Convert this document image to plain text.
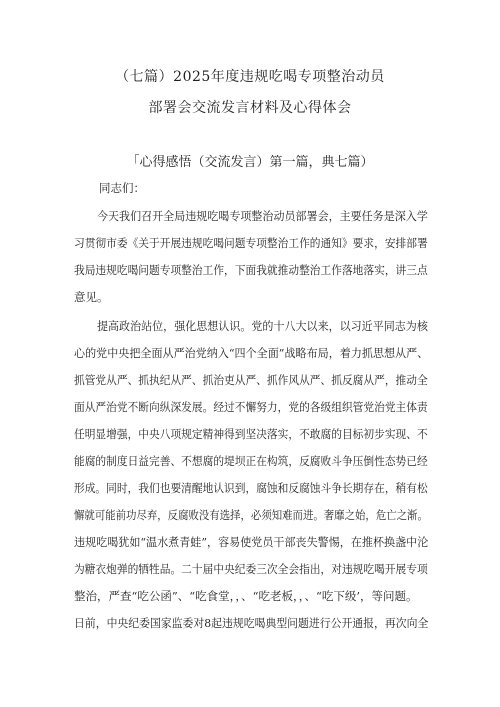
（七篇）2025年度违规吃喝专项整治动员
部署会交流发言材料及心得体会
「心得感悟（交流发言）第一篇，典七篇）
同志们：
今天我们召开全局违规吃喝专项整治动员部署会，主要任务是深入学
习贯彻市委《关于开展违规吃喝问题专项整治工作的通知》要求，安排部署
我局违规吃喝问题专项整治工作，下面我就推动整治工作落地落实，讲三点
意见。
提高政治站位，强化思想认识。党的十八大以来，以习近平同志为核
心的党中央把全面从严治党纳入“四个全面”战略布局，着力抓思想从严、
抓管党从严、抓执纪从严、抓治吏从严、抓作风从严、抓反腐从严，推动全
面从严治党不断向纵深发展。经过不懈努力，党的各级组织管党治党主体责
任明显增强，中央八项规定精神得到坚决落实，不敢腐的目标初步实现、不
能腐的制度日益完善、不想腐的堤坝正在构筑，反腐败斗争压倒性态势已经
形成。同时，我们也要清醒地认识到，腐蚀和反腐蚀斗争长期存在，稍有松
懈就可能前功尽弃，反腐败没有选择，必须知难而进。奢靡之始，危亡之渐。
违规吃喝犹如“温水煮青蛙”，容易使党员干部丧失警惕，在推杯换盏中沦
为糖衣炮弹的牺牲品。二十届中央纪委三次全会指出，对违规吃喝开展专项
整治，严查“吃公函”、“吃食堂，，、“吃老板，，、“吃下级’，等问题。
日前，中央纪委国家监委对8起违规吃喝典型问题进行公开通报，再次向全
